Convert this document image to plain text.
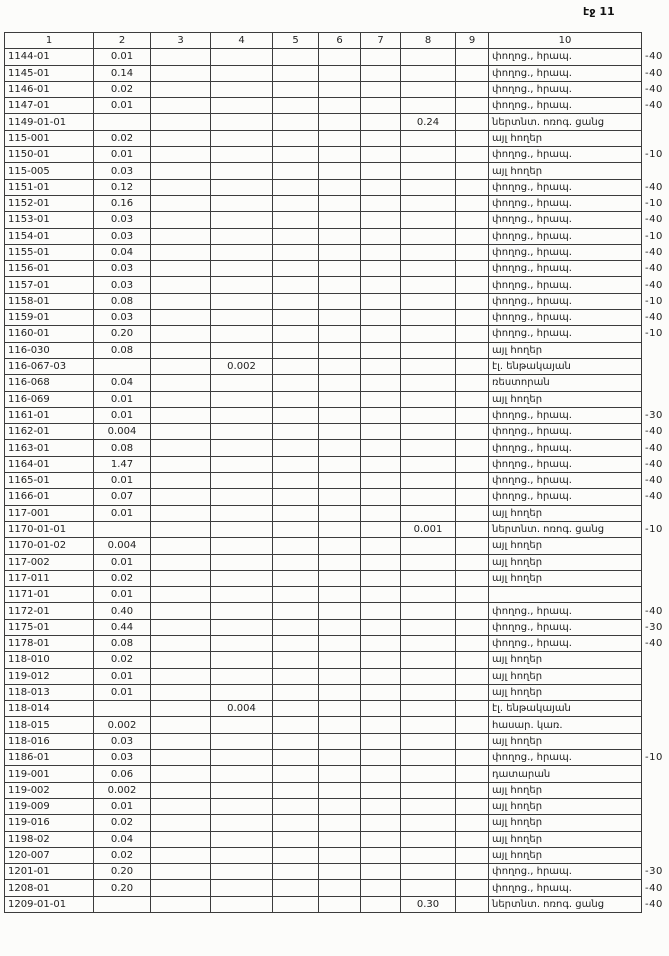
էջ 11
1	2	3	4	5	6	7	8	9	10	
1144-01	0.01								փողոց., հրապ.	-40
1145-01	0.14								փողոց., հրապ.	-40
1146-01	0.02								փողոց., հրապ.	-40
1147-01	0.01								փողոց., հրապ.	-40
1149-01-01							0.24		ներտնտ. ոռոգ. ցանց	
115-001	0.02								այլ հողեր	
1150-01	0.01								փողոց., հրապ.	-10
115-005	0.03								այլ հողեր	
1151-01	0.12								փողոց., հրապ.	-40
1152-01	0.16								փողոց., հրապ.	-10
1153-01	0.03								փողոց., հրապ.	-40
1154-01	0.03								փողոց., հրապ.	-10
1155-01	0.04								փողոց., հրապ.	-40
1156-01	0.03								փողոց., հրապ.	-40
1157-01	0.03								փողոց., հրապ.	-40
1158-01	0.08								փողոց., հրապ.	-10
1159-01	0.03								փողոց., հրապ.	-40
1160-01	0.20								փողոց., հրապ.	-10
116-030	0.08								այլ հողեր	
116-067-03			0.002						էլ. ենթակայան	
116-068	0.04								ռեստորան	
116-069	0.01								այլ հողեր	
1161-01	0.01								փողոց., հրապ.	-30
1162-01	0.004								փողոց., հրապ.	-40
1163-01	0.08								փողոց., հրապ.	-40
1164-01	1.47								փողոց., հրապ.	-40
1165-01	0.01								փողոց., հրապ.	-40
1166-01	0.07								փողոց., հրապ.	-40
117-001	0.01								այլ հողեր	
1170-01-01							0.001		ներտնտ. ոռոգ. ցանց	-10
1170-01-02	0.004								այլ հողեր	
117-002	0.01								այլ հողեր	
117-011	0.02								այլ հողեր	
1171-01	0.01									
1172-01	0.40								փողոց., հրապ.	-40
1175-01	0.44								փողոց., հրապ.	-30
1178-01	0.08								փողոց., հրապ.	-40
118-010	0.02								այլ հողեր	
119-012	0.01								այլ հողեր	
118-013	0.01								այլ հողեր	
118-014			0.004						էլ. ենթակայան	
118-015	0.002								հասար. կառ.	
118-016	0.03								այլ հողեր	
1186-01	0.03								փողոց., հրապ.	-10
119-001	0.06								դատարան	
119-002	0.002								այլ հողեր	
119-009	0.01								այլ հողեր	
119-016	0.02								այլ հողեր	
1198-02	0.04								այլ հողեր	
120-007	0.02								այլ հողեր	
1201-01	0.20								փողոց., հրապ.	-30
1208-01	0.20								փողոց., հրապ.	-40
1209-01-01							0.30		ներտնտ. ոռոգ. ցանց	-40
